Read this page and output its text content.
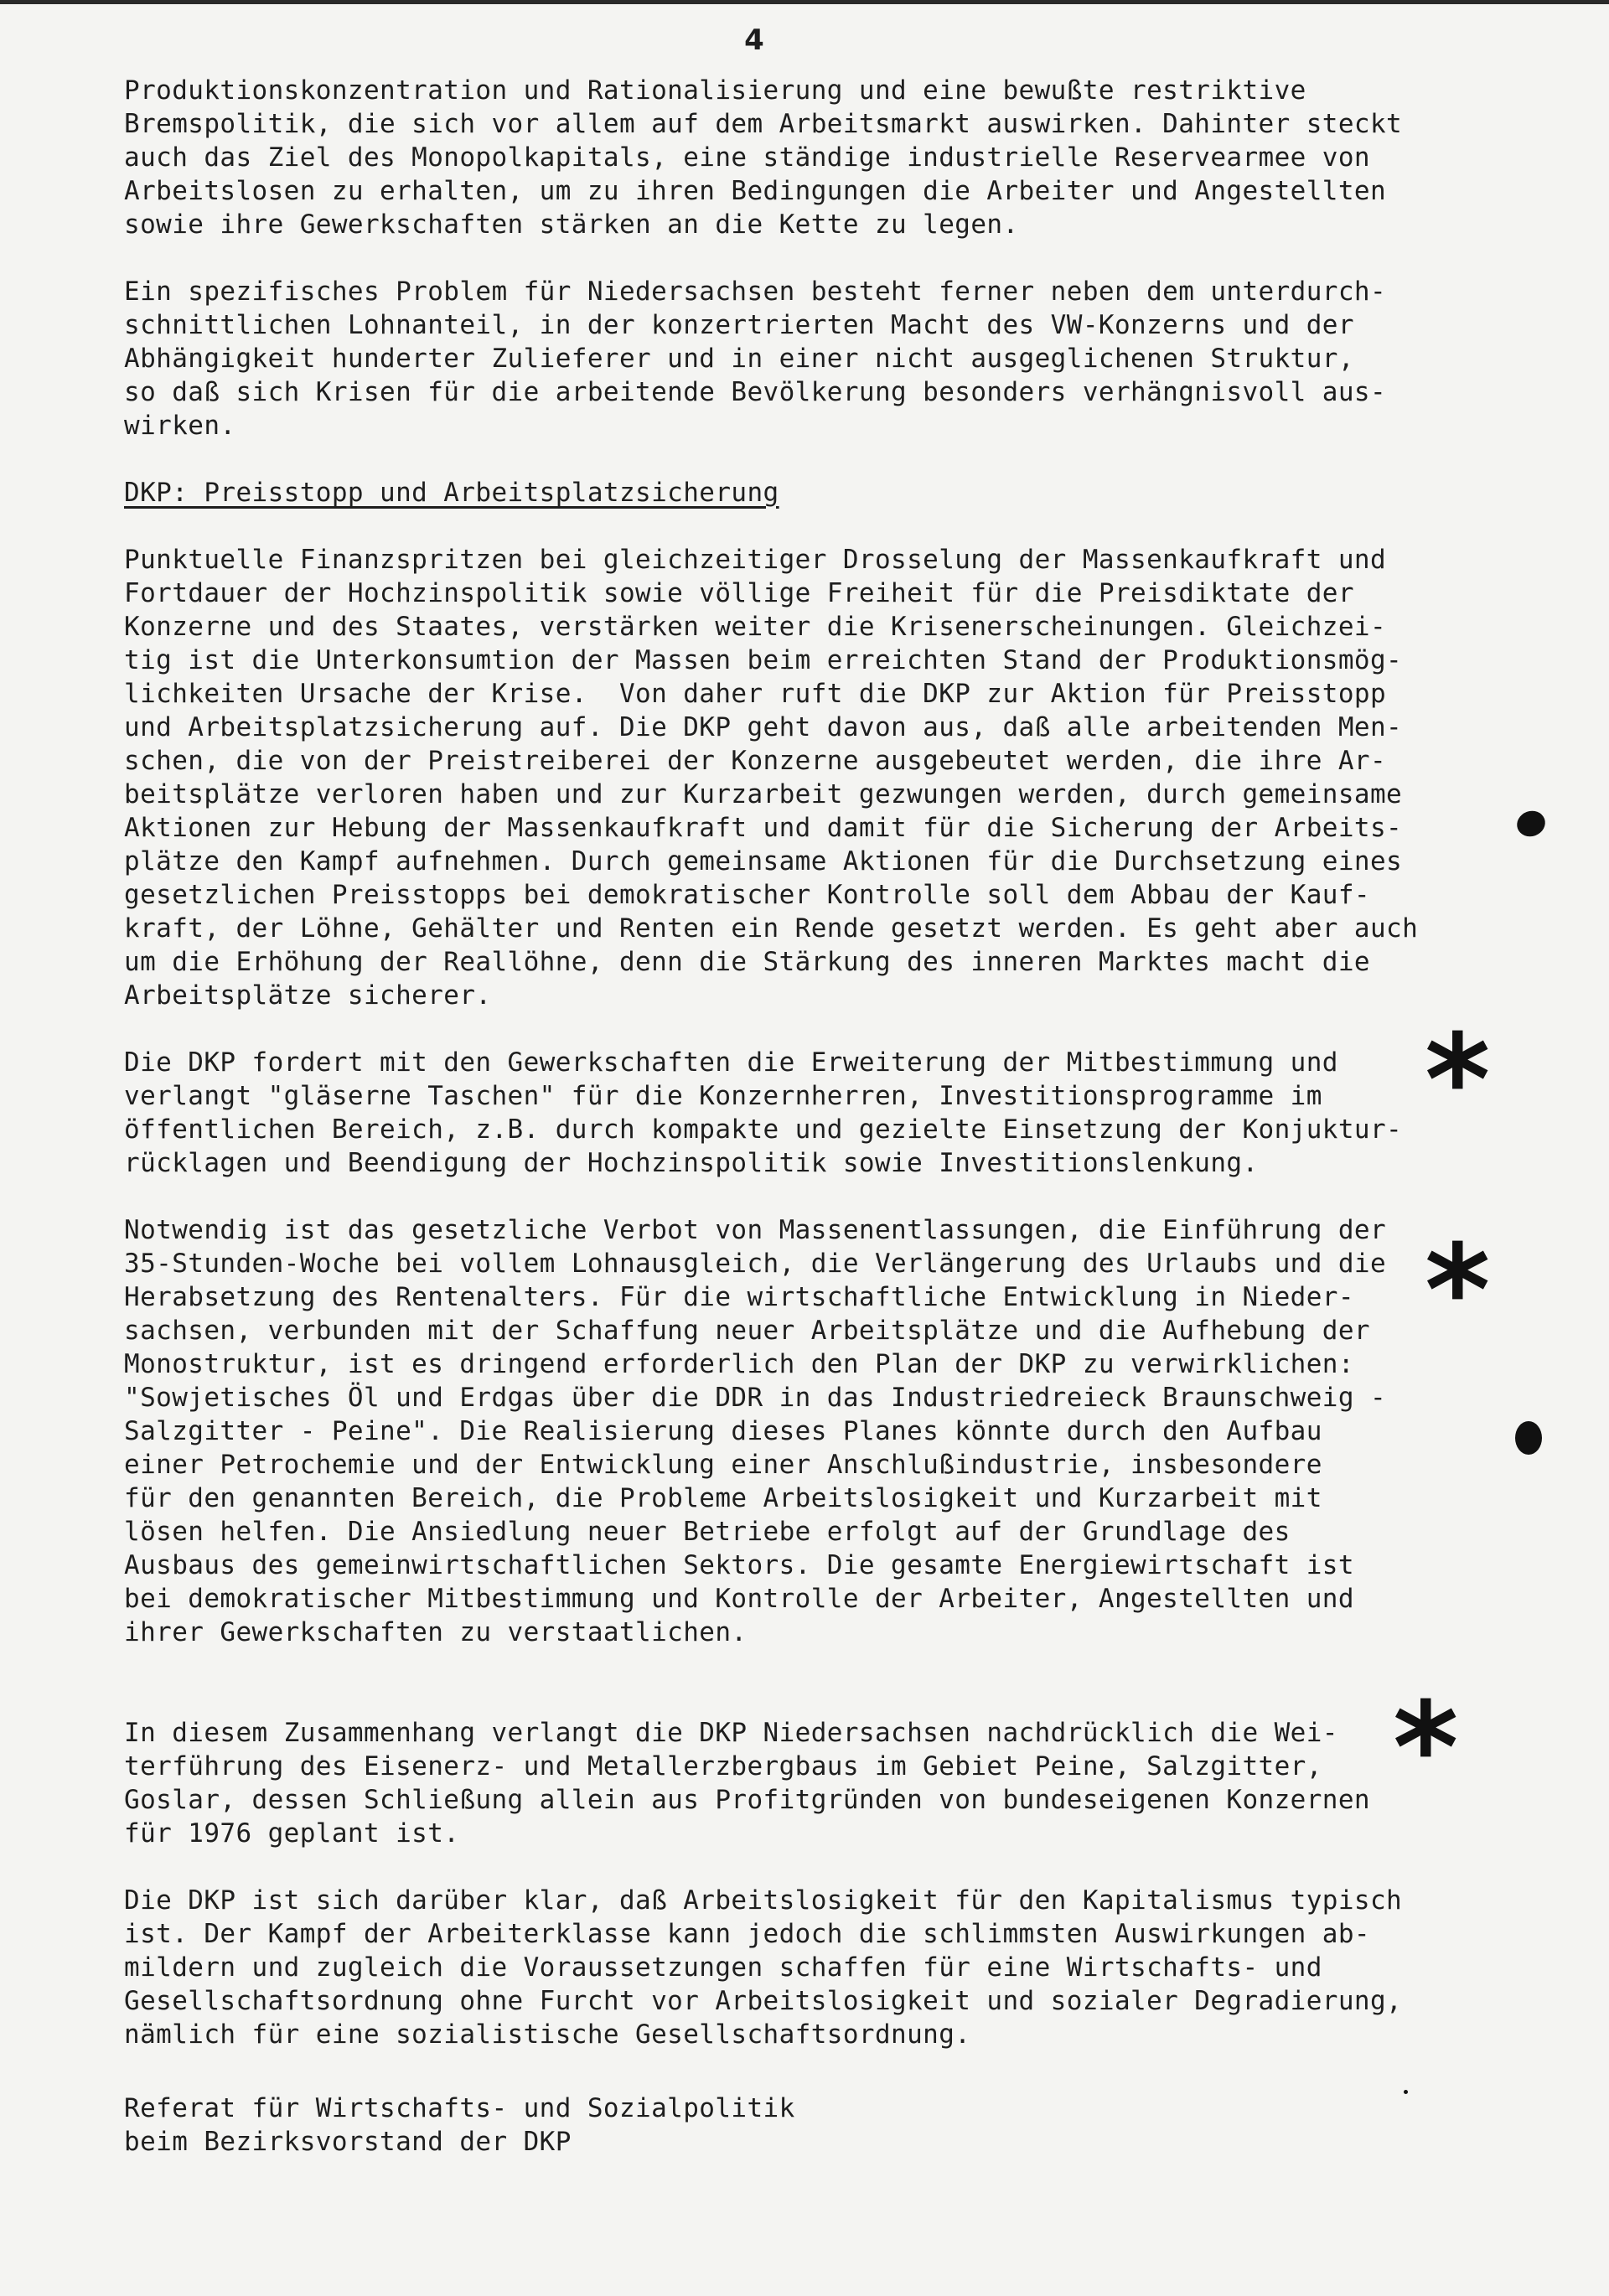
4

Produktionskonzentration und Rationalisierung und eine bewußte restriktive
Bremspolitik, die sich vor allem auf dem Arbeitsmarkt auswirken. Dahinter steckt
auch das Ziel des Monopolkapitals, eine ständige industrielle Reservearmee von
Arbeitslosen zu erhalten, um zu ihren Bedingungen die Arbeiter und Angestellten
sowie ihre Gewerkschaften stärken an die Kette zu legen.

Ein spezifisches Problem für Niedersachsen besteht ferner neben dem unterdurch-
schnittlichen Lohnanteil, in der konzertrierten Macht des VW-Konzerns und der
Abhängigkeit hunderter Zulieferer und in einer nicht ausgeglichenen Struktur,
so daß sich Krisen für die arbeitende Bevölkerung besonders verhängnisvoll aus-
wirken.

DKP: Preisstopp und Arbeitsplatzsicherung

Punktuelle Finanzspritzen bei gleichzeitiger Drosselung der Massenkaufkraft und
Fortdauer der Hochzinspolitik sowie völlige Freiheit für die Preisdiktate der
Konzerne und des Staates, verstärken weiter die Krisenerscheinungen. Gleichzei-
tig ist die Unterkonsumtion der Massen beim erreichten Stand der Produktionsmög-
lichkeiten Ursache der Krise.  Von daher ruft die DKP zur Aktion für Preisstopp
und Arbeitsplatzsicherung auf. Die DKP geht davon aus, daß alle arbeitenden Men-
schen, die von der Preistreiberei der Konzerne ausgebeutet werden, die ihre Ar-
beitsplätze verloren haben und zur Kurzarbeit gezwungen werden, durch gemeinsame
Aktionen zur Hebung der Massenkaufkraft und damit für die Sicherung der Arbeits-
plätze den Kampf aufnehmen. Durch gemeinsame Aktionen für die Durchsetzung eines
gesetzlichen Preisstopps bei demokratischer Kontrolle soll dem Abbau der Kauf-
kraft, der Löhne, Gehälter und Renten ein Rende gesetzt werden. Es geht aber auch
um die Erhöhung der Reallöhne, denn die Stärkung des inneren Marktes macht die
Arbeitsplätze sicherer.

Die DKP fordert mit den Gewerkschaften die Erweiterung der Mitbestimmung und
verlangt "gläserne Taschen" für die Konzernherren, Investitionsprogramme im
öffentlichen Bereich, z.B. durch kompakte und gezielte Einsetzung der Konjuktur-
rücklagen und Beendigung der Hochzinspolitik sowie Investitionslenkung.

Notwendig ist das gesetzliche Verbot von Massenentlassungen, die Einführung der
35-Stunden-Woche bei vollem Lohnausgleich, die Verlängerung des Urlaubs und die
Herabsetzung des Rentenalters. Für die wirtschaftliche Entwicklung in Nieder-
sachsen, verbunden mit der Schaffung neuer Arbeitsplätze und die Aufhebung der
Monostruktur, ist es dringend erforderlich den Plan der DKP zu verwirklichen:
"Sowjetisches Öl und Erdgas über die DDR in das Industriedreieck Braunschweig -
Salzgitter - Peine". Die Realisierung dieses Planes könnte durch den Aufbau
einer Petrochemie und der Entwicklung einer Anschlußindustrie, insbesondere
für den genannten Bereich, die Probleme Arbeitslosigkeit und Kurzarbeit mit
lösen helfen. Die Ansiedlung neuer Betriebe erfolgt auf der Grundlage des
Ausbaus des gemeinwirtschaftlichen Sektors. Die gesamte Energiewirtschaft ist
bei demokratischer Mitbestimmung und Kontrolle der Arbeiter, Angestellten und
ihrer Gewerkschaften zu verstaatlichen.

In diesem Zusammenhang verlangt die DKP Niedersachsen nachdrücklich die Wei-
terführung des Eisenerz- und Metallerzbergbaus im Gebiet Peine, Salzgitter,
Goslar, dessen Schließung allein aus Profitgründen von bundeseigenen Konzernen
für 1976 geplant ist.

Die DKP ist sich darüber klar, daß Arbeitslosigkeit für den Kapitalismus typisch
ist. Der Kampf der Arbeiterklasse kann jedoch die schlimmsten Auswirkungen ab-
mildern und zugleich die Voraussetzungen schaffen für eine Wirtschafts- und
Gesellschaftsordnung ohne Furcht vor Arbeitslosigkeit und sozialer Degradierung,
nämlich für eine sozialistische Gesellschaftsordnung.

Referat für Wirtschafts- und Sozialpolitik
beim Bezirksvorstand der DKP

*
*
*
